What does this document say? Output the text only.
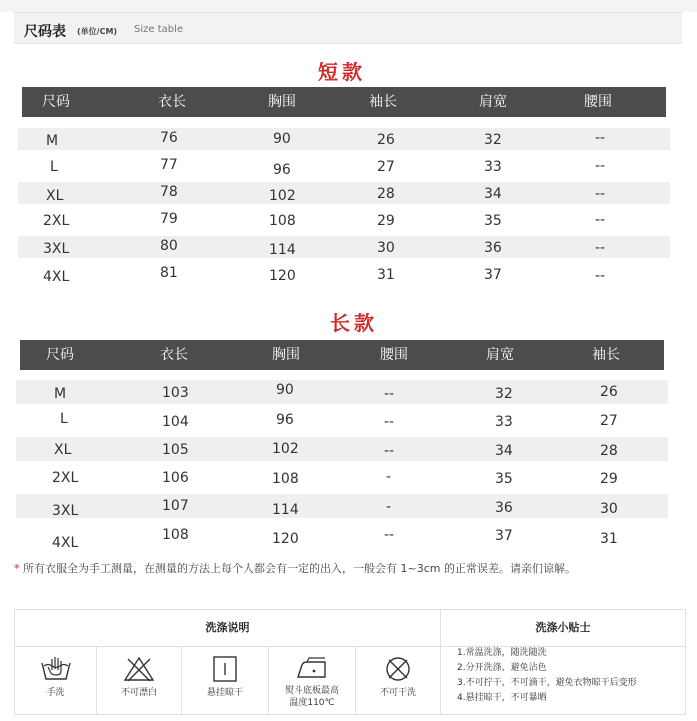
尺码表 (单位/CM) Size table
短款
尺码	衣长	胸围	袖长	肩宽	腰围
M	76	90	26	32	--
L	77	96	27	33	--
XL	78	102	28	34	--
2XL	79	108	29	35	--
3XL	80	114	30	36	--
4XL	81	120	31	37	--
长款
尺码	衣长	胸围	腰围	肩宽	袖长
M	103	90	--	32	26
L	104	96	--	33	27
XL	105	102	--	34	28
2XL	106	108	-	35	29
3XL	107	114	-	36	30
4XL	108	120	--	37	31
* 所有衣服全为手工测量，在测量的方法上每个人都会有一定的出入，一般会有 1~3cm 的正常误差。请亲们谅解。
洗涤说明	洗涤小贴士
手洗	不可漂白	悬挂晾干	熨斗底板最高
温度110℃
不可干洗
1.常温洗涤，随洗随洗
2.分开洗涤、避免沾色
3.不可拧干，不可滴干，避免衣物晾干后变形
4.悬挂晾干，不可暴晒
